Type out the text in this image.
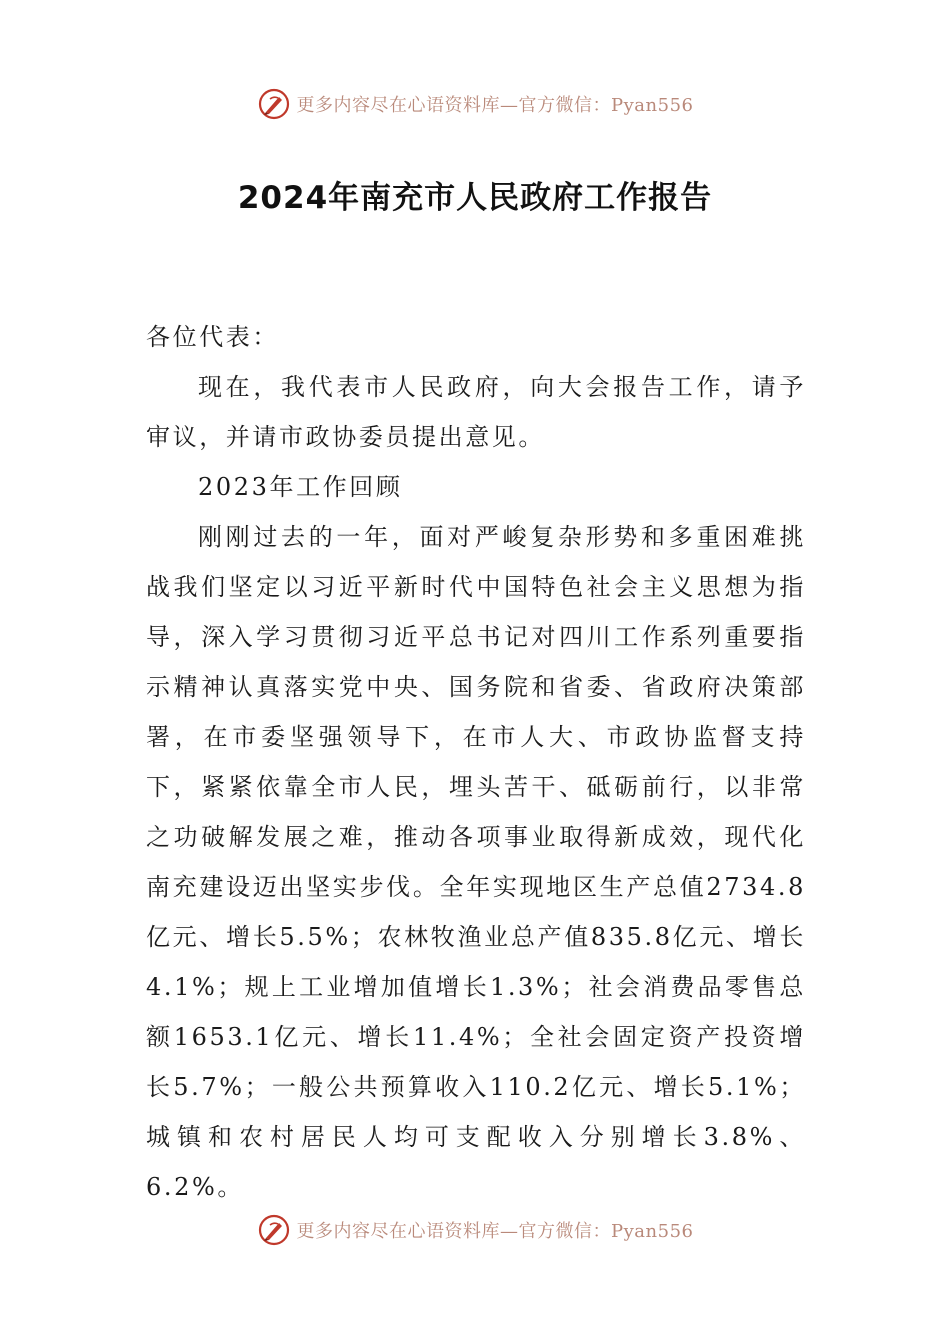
更多内容尽在心语资料库—官方微信：Pyan556
2024年南充市人民政府工作报告

各位代表：

现在，我代表市人民政府，向大会报告工作，请予审议，并请市政协委员提出意见。

2023年工作回顾

刚刚过去的一年，面对严峻复杂形势和多重困难挑战我们坚定以习近平新时代中国特色社会主义思想为指导，深入学习贯彻习近平总书记对四川工作系列重要指示精神认真落实党中央、国务院和省委、省政府决策部署，在市委坚强领导下，在市人大、市政协监督支持下，紧紧依靠全市人民，埋头苦干、砥砺前行，以非常之功破解发展之难，推动各项事业取得新成效，现代化南充建设迈出坚实步伐。全年实现地区生产总值2734.8亿元、增长5.5%；农林牧渔业总产值835.8亿元、增长4.1%；规上工业增加值增长1.3%；社会消费品零售总额1653.1亿元、增长11.4%；全社会固定资产投资增长5.7%；一般公共预算收入110.2亿元、增长5.1%；城镇和农村居民人均可支配收入分别增长3.8%、6.2%。

更多内容尽在心语资料库—官方微信：Pyan556
